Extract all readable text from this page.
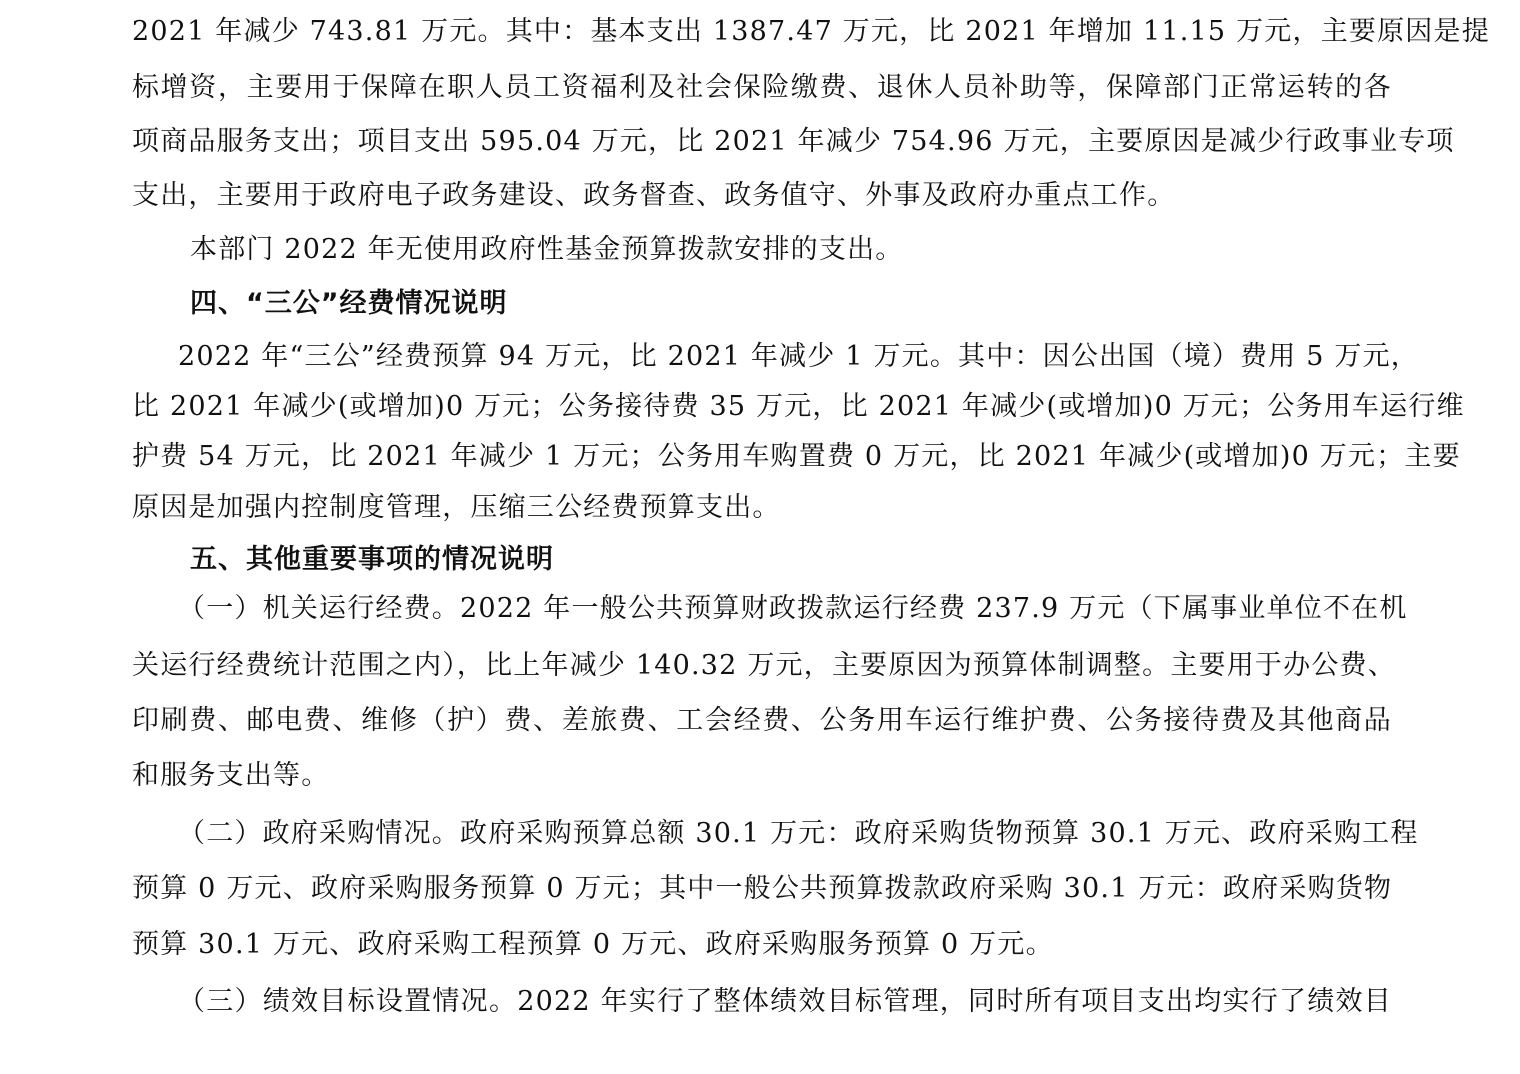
2021 年减少 743.81 万元。其中：基本支出 1387.47 万元，比 2021 年增加 11.15 万元，主要原因是提
标增资，主要用于保障在职人员工资福利及社会保险缴费、退休人员补助等，保障部门正常运转的各
项商品服务支出；项目支出 595.04 万元，比 2021 年减少 754.96 万元，主要原因是减少行政事业专项
支出，主要用于政府电子政务建设、政务督查、政务值守、外事及政府办重点工作。
本部门 2022 年无使用政府性基金预算拨款安排的支出。
四、“三公”经费情况说明
2022 年“三公”经费预算 94 万元，比 2021 年减少 1 万元。其中：因公出国（境）费用 5 万元，
比 2021 年减少(或增加)0 万元；公务接待费 35 万元，比 2021 年减少(或增加)0 万元；公务用车运行维
护费 54 万元，比 2021 年减少 1 万元；公务用车购置费 0 万元，比 2021 年减少(或增加)0 万元；主要
原因是加强内控制度管理，压缩三公经费预算支出。
五、其他重要事项的情况说明
（一）机关运行经费。2022 年一般公共预算财政拨款运行经费 237.9 万元（下属事业单位不在机
关运行经费统计范围之内），比上年减少 140.32 万元，主要原因为预算体制调整。主要用于办公费、
印刷费、邮电费、维修（护）费、差旅费、工会经费、公务用车运行维护费、公务接待费及其他商品
和服务支出等。
（二）政府采购情况。政府采购预算总额 30.1 万元：政府采购货物预算 30.1 万元、政府采购工程
预算 0 万元、政府采购服务预算 0 万元；其中一般公共预算拨款政府采购 30.1 万元：政府采购货物
预算 30.1 万元、政府采购工程预算 0 万元、政府采购服务预算 0 万元。
（三）绩效目标设置情况。2022 年实行了整体绩效目标管理，同时所有项目支出均实行了绩效目
